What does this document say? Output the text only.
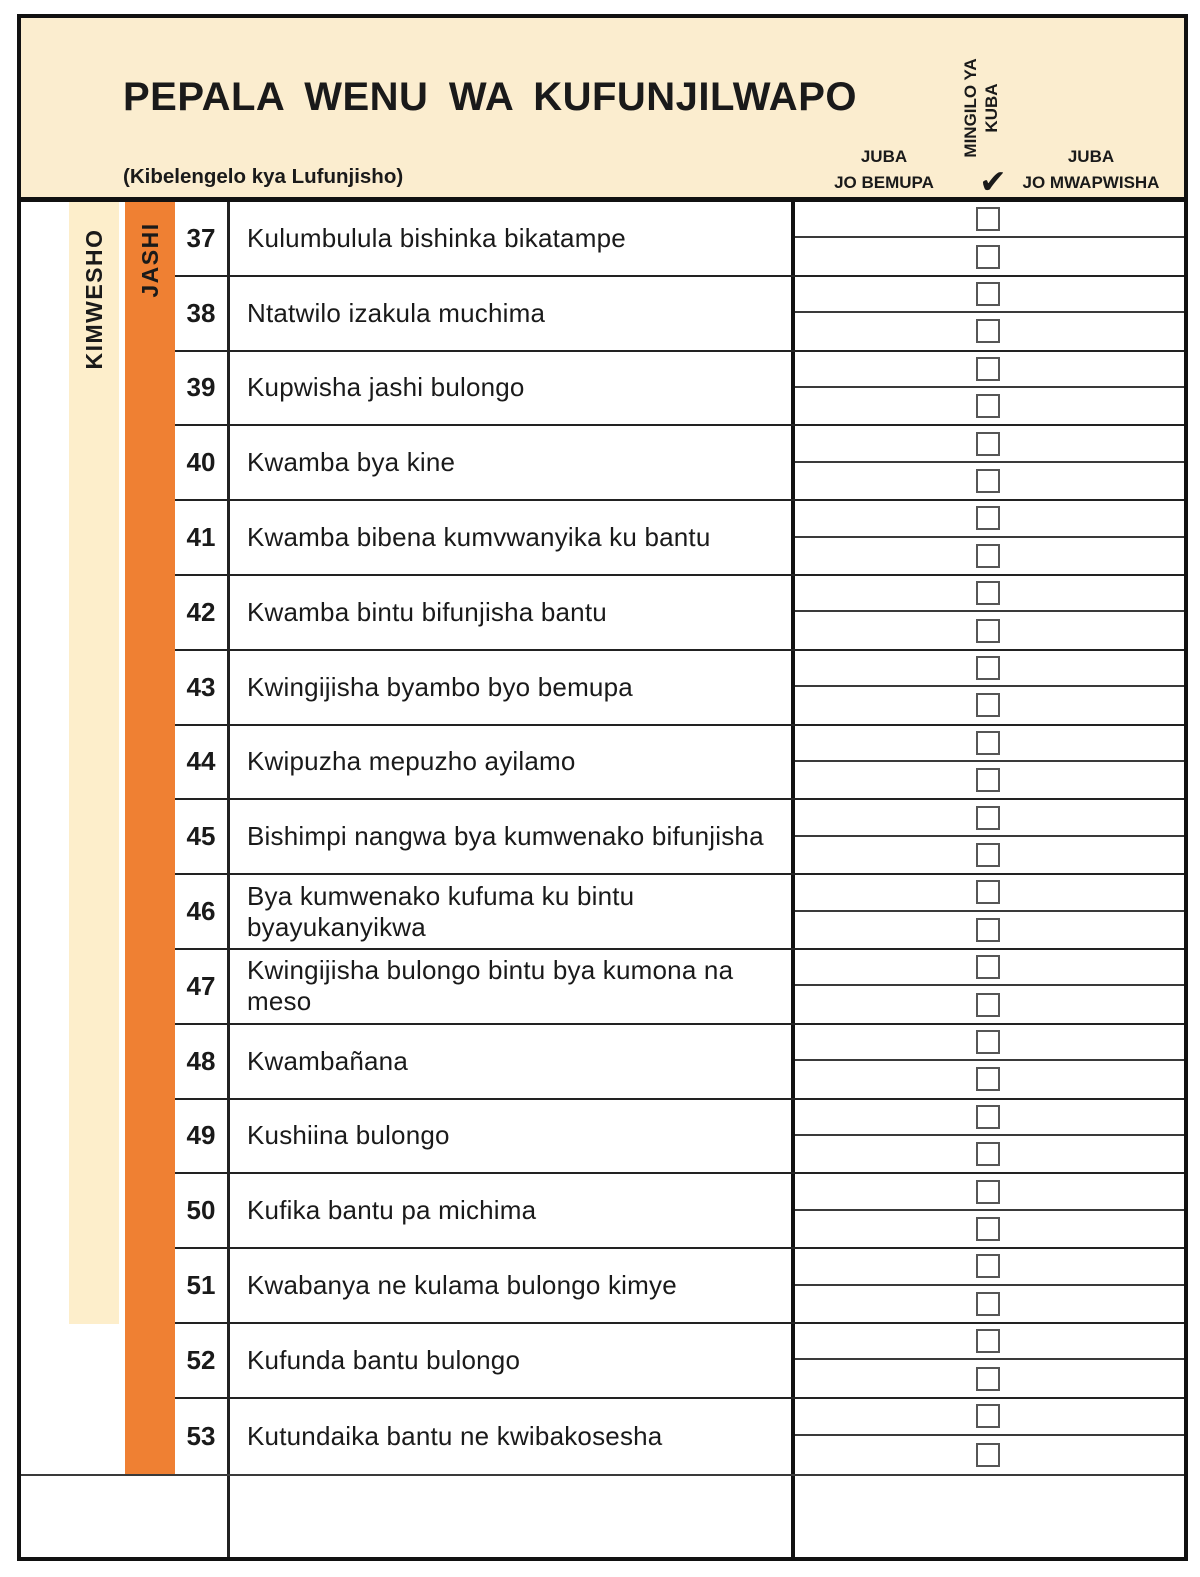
PEPALA WENU WA KUFUNJILWAPO
(Kibelengelo kya Lufunjisho)
JUBA
JO BEMUPA
MINGILO YA KUBA
✔
JUBA
JO MWAPWISHA
KIMWESHO JASHI 37	Kulumbulula bishinka bikatampe
38	Ntatwilo izakula muchima
39	Kupwisha jashi bulongo
40	Kwamba bya kine
41	Kwamba bibena kumvwanyika ku bantu
42	Kwamba bintu bifunjisha bantu
43	Kwingijisha byambo byo bemupa
44	Kwipuzha mepuzho ayilamo
45	Bishimpi nangwa bya kumwenako bifunjisha
46
Bya kumwenako kufuma ku bintu byayukanyikwa
47
Kwingijisha bulongo bintu bya kumona na meso
48	Kwambañana
49	Kushiina bulongo
50	Kufika bantu pa michima
51	Kwabanya ne kulama bulongo kimye
52	Kufunda bantu bulongo
53	Kutundaika bantu ne kwibakosesha
